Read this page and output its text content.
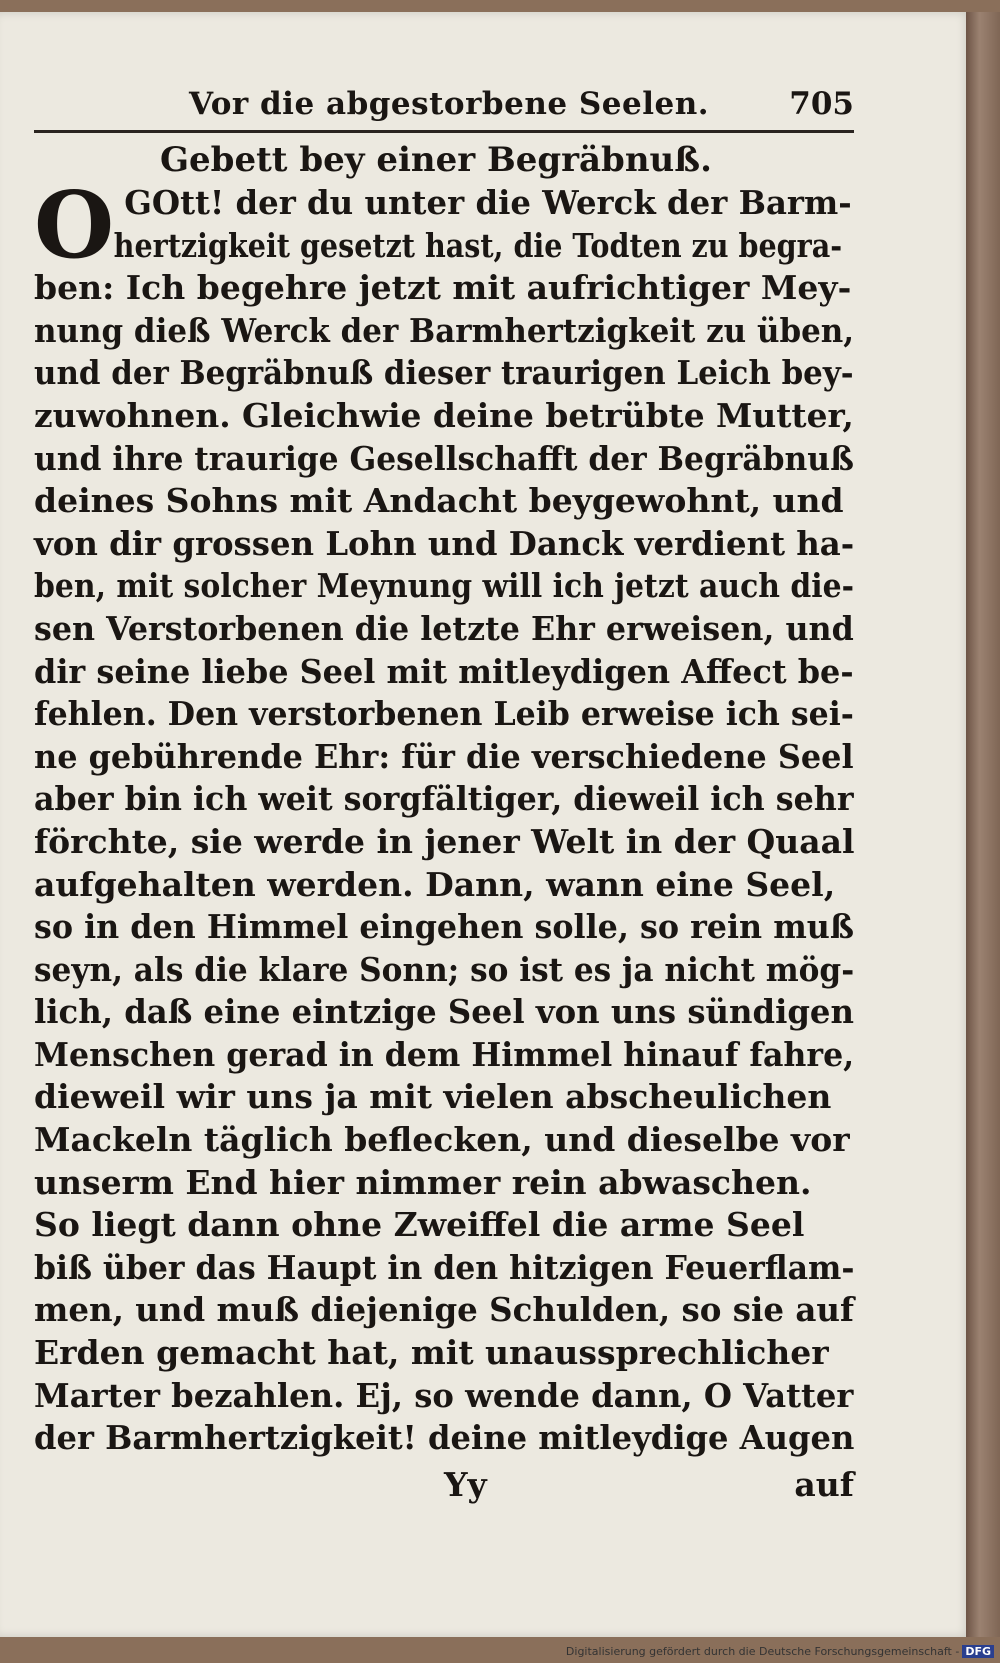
Vor die abgestorbene Seelen.	705
Gebett bey einer Begräbnuß.
O GOtt! der du unter die Werck der Barm-
hertzigkeit gesetzt hast, die Todten zu begra-
ben: Ich begehre jetzt mit aufrichtiger Mey-
nung dieß Werck der Barmhertzigkeit zu üben,
und der Begräbnuß dieser traurigen Leich bey-
zuwohnen. Gleichwie deine betrübte Mutter,
und ihre traurige Gesellschafft der Begräbnuß
deines Sohns mit Andacht beygewohnt, und
von dir grossen Lohn und Danck verdient ha-
ben, mit solcher Meynung will ich jetzt auch die-
sen Verstorbenen die letzte Ehr erweisen, und
dir seine liebe Seel mit mitleydigen Affect be-
fehlen. Den verstorbenen Leib erweise ich sei-
ne gebührende Ehr: für die verschiedene Seel
aber bin ich weit sorgfältiger, dieweil ich sehr
förchte, sie werde in jener Welt in der Quaal
aufgehalten werden. Dann, wann eine Seel,
so in den Himmel eingehen solle, so rein muß
seyn, als die klare Sonn; so ist es ja nicht mög-
lich, daß eine eintzige Seel von uns sündigen
Menschen gerad in dem Himmel hinauf fahre,
dieweil wir uns ja mit vielen abscheulichen
Mackeln täglich beflecken, und dieselbe vor
unserm End hier nimmer rein abwaschen.
So liegt dann ohne Zweiffel die arme Seel
biß über das Haupt in den hitzigen Feuerflam-
men, und muß diejenige Schulden, so sie auf
Erden gemacht hat, mit unaussprechlicher
Marter bezahlen. Ej, so wende dann, O Vatter
der Barmhertzigkeit! deine mitleydige Augen
Yy	auf
Digitalisierung gefördert durch die Deutsche Forschungsgemeinschaft - DFG
